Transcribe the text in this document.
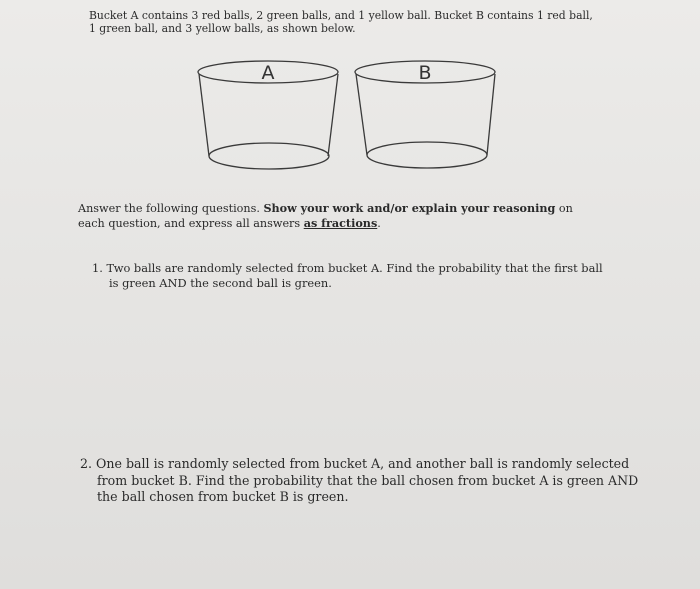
Bucket A contains 3 red balls, 2 green balls, and 1 yellow ball. Bucket B contains 1 red ball,
1 green ball, and 3 yellow balls, as shown below.
A	B
Answer the following questions. Show your work and/or explain your reasoning on
each question, and express all answers as fractions.
1. Two balls are randomly selected from bucket A. Find the probability that the first ball
is green AND the second ball is green.
2. One ball is randomly selected from bucket A, and another ball is randomly selected
from bucket B. Find the probability that the ball chosen from bucket A is green AND
the ball chosen from bucket B is green.
